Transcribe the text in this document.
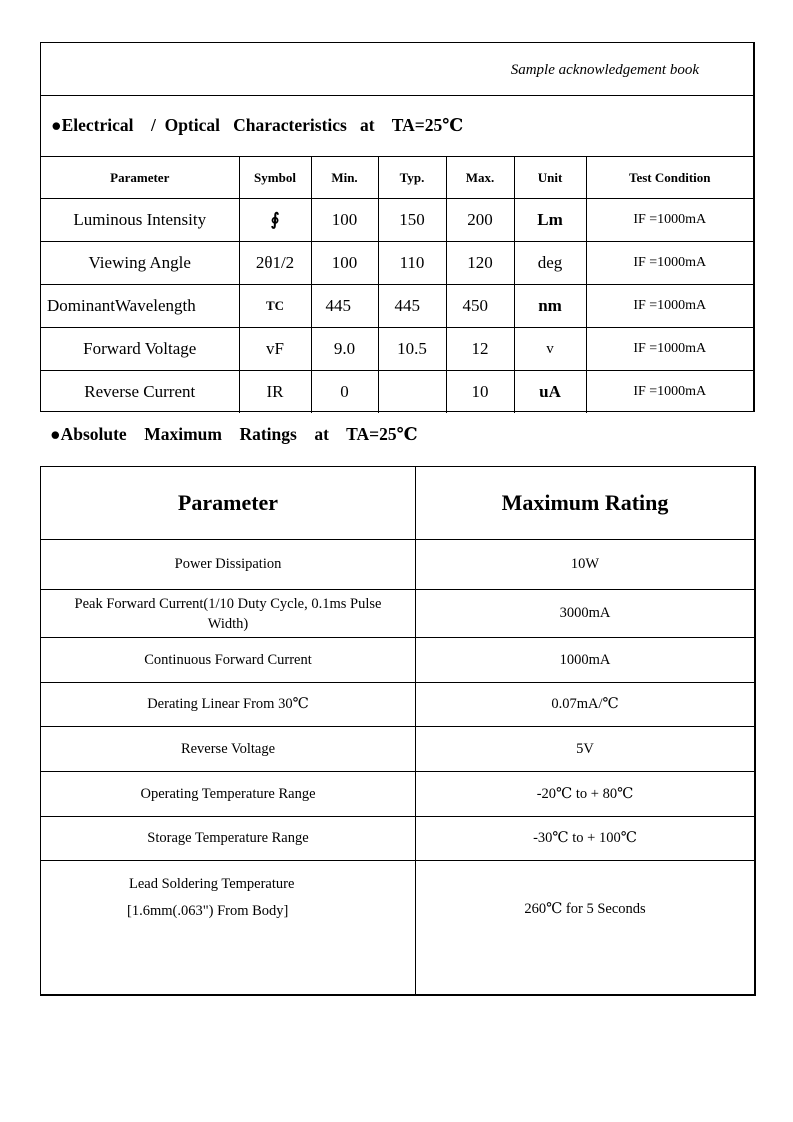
Sample acknowledgement book
●Electrical    /  Optical   Characteristics   at    TA=25℃
Parameter	Symbol	Min.	Typ.	Max.	Unit	Test Condition
Luminous Intensity	∮	100	150	200	Lm	IF =1000mA
Viewing Angle	2θ1/2	100	110	120	deg	IF =1000mA
DominantWavelength	TC	445	445	450	nm	IF =1000mA
Forward Voltage	vF	9.0	10.5	12	v	IF =1000mA
Reverse Current	IR	0		10	uA	IF =1000mA
●Absolute    Maximum    Ratings    at    TA=25℃
Parameter	Maximum Rating
Power Dissipation	10W
Peak Forward Current(1/10 Duty Cycle, 0.1ms Pulse Width)	3000mA
Continuous Forward Current	1000mA
Derating Linear From 30℃	0.07mA/℃
Reverse Voltage	5V
Operating Temperature Range	-20℃ to + 80℃
Storage Temperature Range	-30℃ to + 100℃

Lead Soldering Temperature
[1.6mm(.063") From Body]	260℃ for 5 Seconds
